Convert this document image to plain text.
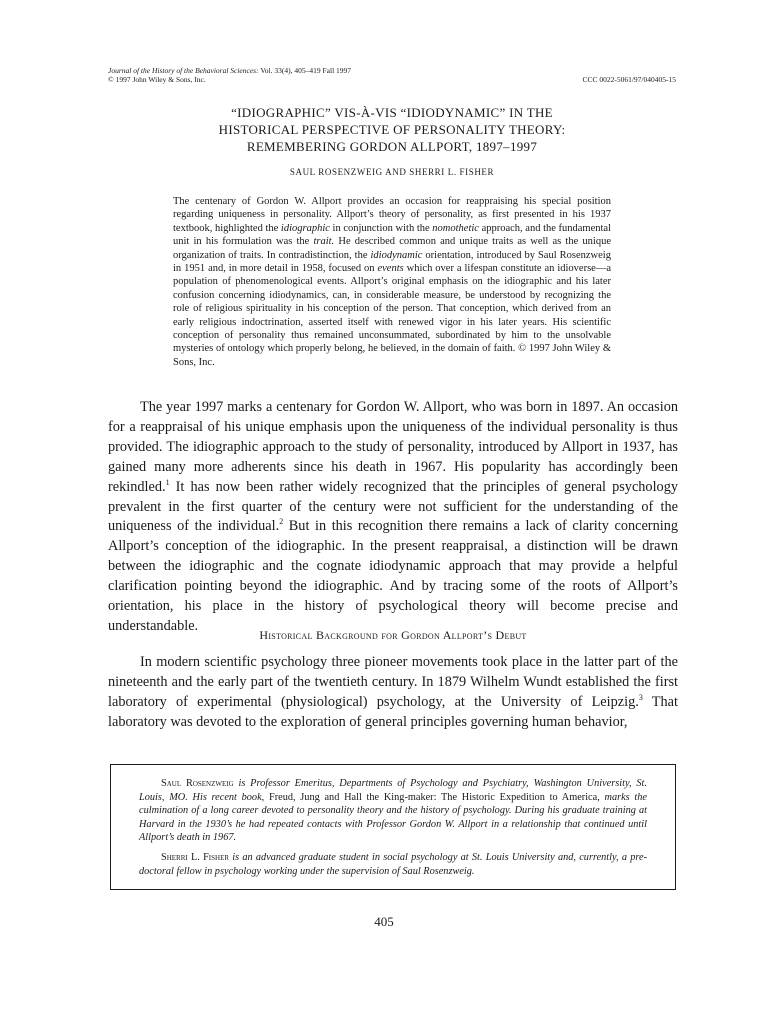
Journal of the History of the Behavioral Sciences: Vol. 33(4), 405–419 Fall 1997
© 1997 John Wiley & Sons, Inc.	CCC 0022-5061/97/040405-15
“IDIOGRAPHIC” VIS-À-VIS “IDIODYNAMIC” IN THE
HISTORICAL PERSPECTIVE OF PERSONALITY THEORY:
REMEMBERING GORDON ALLPORT, 1897–1997
SAUL ROSENZWEIG AND SHERRI L. FISHER
The centenary of Gordon W. Allport provides an occasion for reappraising his special position regarding uniqueness in personality. Allport’s theory of personality, as first presented in his 1937 textbook, highlighted the idiographic in conjunction with the nomothetic approach, and the fundamental unit in his formulation was the trait. He described common and unique traits as well as the unique organization of traits. In contradistinction, the idiodynamic orientation, introduced by Saul Rosenzweig in 1951 and, in more detail in 1958, focused on events which over a lifespan constitute an idioverse—a population of phenomenological events. Allport’s original emphasis on the idiographic and his later confusion concerning idiodynamics, can, in considerable measure, be understood by recognizing the role of religious spirituality in his conception of the person. That conception, which derived from an early religious indoctrination, asserted itself with renewed vigor in his later years. His scientific conception of personality thus remained unconsummated, subordinated by him to the unsolvable mysteries of ontology which properly belong, he believed, in the domain of faith. © 1997 John Wiley & Sons, Inc.

The year 1997 marks a centenary for Gordon W. Allport, who was born in 1897. An occasion for a reappraisal of his unique emphasis upon the uniqueness of the individual personality is thus provided. The idiographic approach to the study of personality, introduced by Allport in 1937, has gained many more adherents since his death in 1967. His popularity has accordingly been rekindled.$^1$ It has now been rather widely recognized that the principles of general psychology prevalent in the first quarter of the century were not sufficient for the understanding of the uniqueness of the individual.$^2$ But in this recognition there remains a lack of clarity concerning Allport’s conception of the idiographic. In the present reappraisal, a distinction will be drawn between the idiographic and the cognate idiodynamic approach that may provide a helpful clarification pointing beyond the idiographic. And by tracing some of the roots of Allport’s orientation, his place in the history of psychological theory will become precise and understandable.

Historical Background for Gordon Allport’s Debut

In modern scientific psychology three pioneer movements took place in the latter part of the nineteenth and the early part of the twentieth century. In 1879 Wilhelm Wundt established the first laboratory of experimental (physiological) psychology, at the University of Leipzig.$^3$ That laboratory was devoted to the exploration of general principles governing human behavior,

Saul Rosenzweig is Professor Emeritus, Departments of Psychology and Psychiatry, Washington University, St. Louis, MO. His recent book, Freud, Jung and Hall the King-maker: The Historic Expedition to America, marks the culmination of a long career devoted to personality theory and the history of psychology. During his graduate training at Harvard in the 1930’s he had repeated contacts with Professor Gordon W. Allport in a relationship that continued until Allport’s death in 1967.

Sherri L. Fisher is an advanced graduate student in social psychology at St. Louis University and, currently, a pre-doctoral fellow in psychology working under the supervision of Saul Rosenzweig.

405
